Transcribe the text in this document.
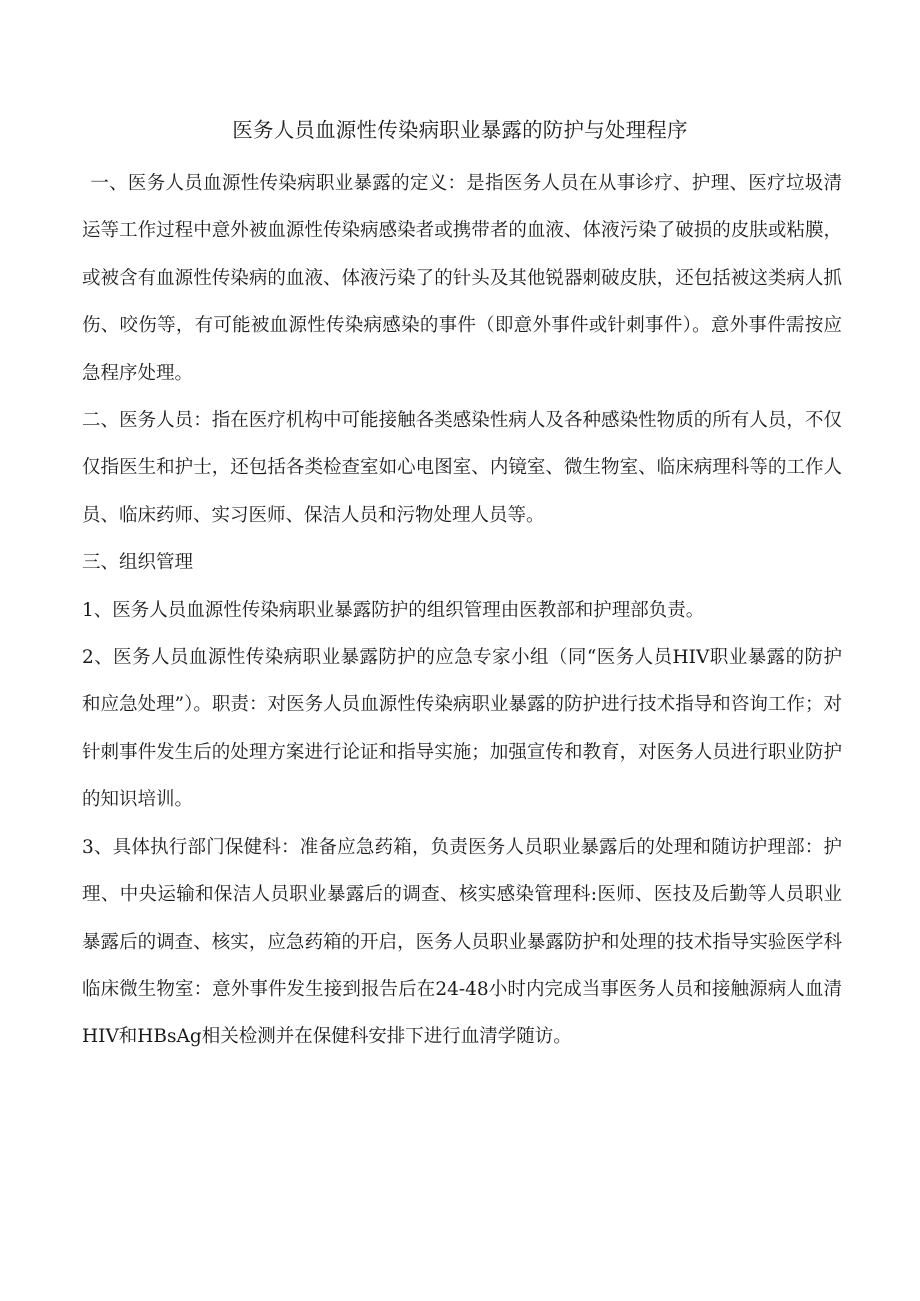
医务人员血源性传染病职业暴露的防护与处理程序

一、医务人员血源性传染病职业暴露的定义：是指医务人员在从事诊疗、护理、医疗垃圾清运等工作过程中意外被血源性传染病感染者或携带者的血液、体液污染了破损的皮肤或粘膜，或被含有血源性传染病的血液、体液污染了的针头及其他锐器刺破皮肤，还包括被这类病人抓伤、咬伤等，有可能被血源性传染病感染的事件（即意外事件或针刺事件）。意外事件需按应急程序处理。

二、医务人员：指在医疗机构中可能接触各类感染性病人及各种感染性物质的所有人员，不仅仅指医生和护士，还包括各类检查室如心电图室、内镜室、微生物室、临床病理科等的工作人员、临床药师、实习医师、保洁人员和污物处理人员等。

三、组织管理

1、医务人员血源性传染病职业暴露防护的组织管理由医教部和护理部负责。

2、医务人员血源性传染病职业暴露防护的应急专家小组（同“医务人员HIV职业暴露的防护和应急处理”）。职责：对医务人员血源性传染病职业暴露的防护进行技术指导和咨询工作；对针刺事件发生后的处理方案进行论证和指导实施；加强宣传和教育，对医务人员进行职业防护的知识培训。

3、具体执行部门保健科：准备应急药箱，负责医务人员职业暴露后的处理和随访护理部：护理、中央运输和保洁人员职业暴露后的调查、核实感染管理科:医师、医技及后勤等人员职业暴露后的调查、核实，应急药箱的开启，医务人员职业暴露防护和处理的技术指导实验医学科临床微生物室：意外事件发生接到报告后在24-48小时内完成当事医务人员和接触源病人血清HIV和HBsAg相关检测并在保健科安排下进行血清学随访。
